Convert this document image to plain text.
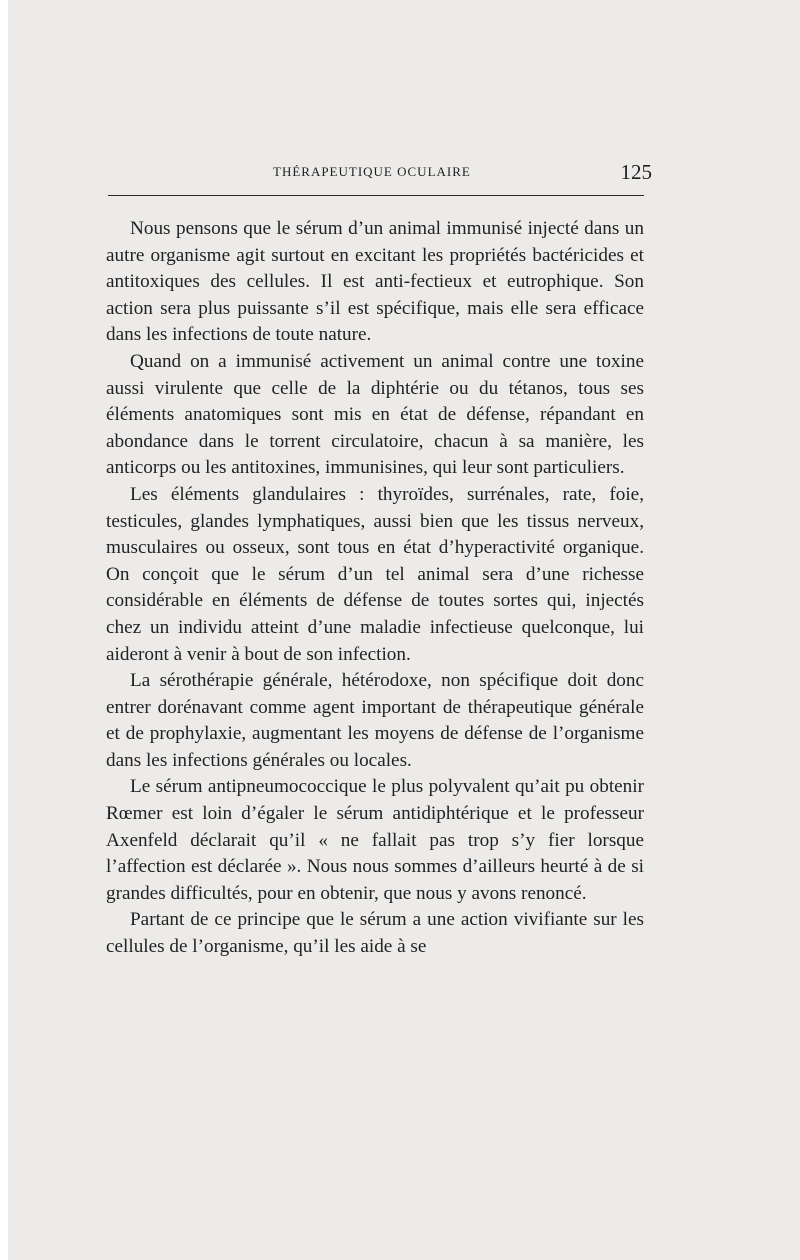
THÉRAPEUTIQUE OCULAIRE	125

Nous pensons que le sérum d’un animal immunisé injecté dans un autre organisme agit surtout en excitant les propriétés bactéricides et antitoxiques des cellules. Il est anti-fectieux et eutrophique. Son action sera plus puissante s’il est spécifique, mais elle sera efficace dans les infections de toute nature.

Quand on a immunisé activement un animal contre une toxine aussi virulente que celle de la diphtérie ou du tétanos, tous ses éléments anatomiques sont mis en état de défense, répandant en abondance dans le torrent circulatoire, chacun à sa manière, les anticorps ou les antitoxines, immunisines, qui leur sont particuliers.

Les éléments glandulaires : thyroïdes, surrénales, rate, foie, testicules, glandes lymphatiques, aussi bien que les tissus nerveux, musculaires ou osseux, sont tous en état d’hyperactivité organique. On conçoit que le sérum d’un tel animal sera d’une richesse considérable en éléments de défense de toutes sortes qui, injectés chez un individu atteint d’une maladie infectieuse quelconque, lui aideront à venir à bout de son infection.

La sérothérapie générale, hétérodoxe, non spécifique doit donc entrer dorénavant comme agent important de thérapeutique générale et de prophylaxie, augmentant les moyens de défense de l’organisme dans les infections générales ou locales.

Le sérum antipneumococcique le plus polyvalent qu’ait pu obtenir Rœmer est loin d’égaler le sérum antidiphtérique et le professeur Axenfeld déclarait qu’il « ne fallait pas trop s’y fier lorsque l’affection est déclarée ». Nous nous sommes d’ailleurs heurté à de si grandes difficultés, pour en obtenir, que nous y avons renoncé.

Partant de ce principe que le sérum a une action vivifiante sur les cellules de l’organisme, qu’il les aide à se
